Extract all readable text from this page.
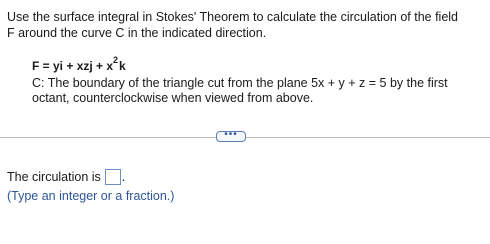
Use the surface integral in Stokes' Theorem to calculate the circulation of the field
F around the curve C in the indicated direction.
F = yi + xzj + x 2 k
C: The boundary of the triangle cut from the plane 5x + y + z = 5 by the first
octant, counterclockwise when viewed from above.
•••
The circulation is .
(Type an integer or a fraction.)
